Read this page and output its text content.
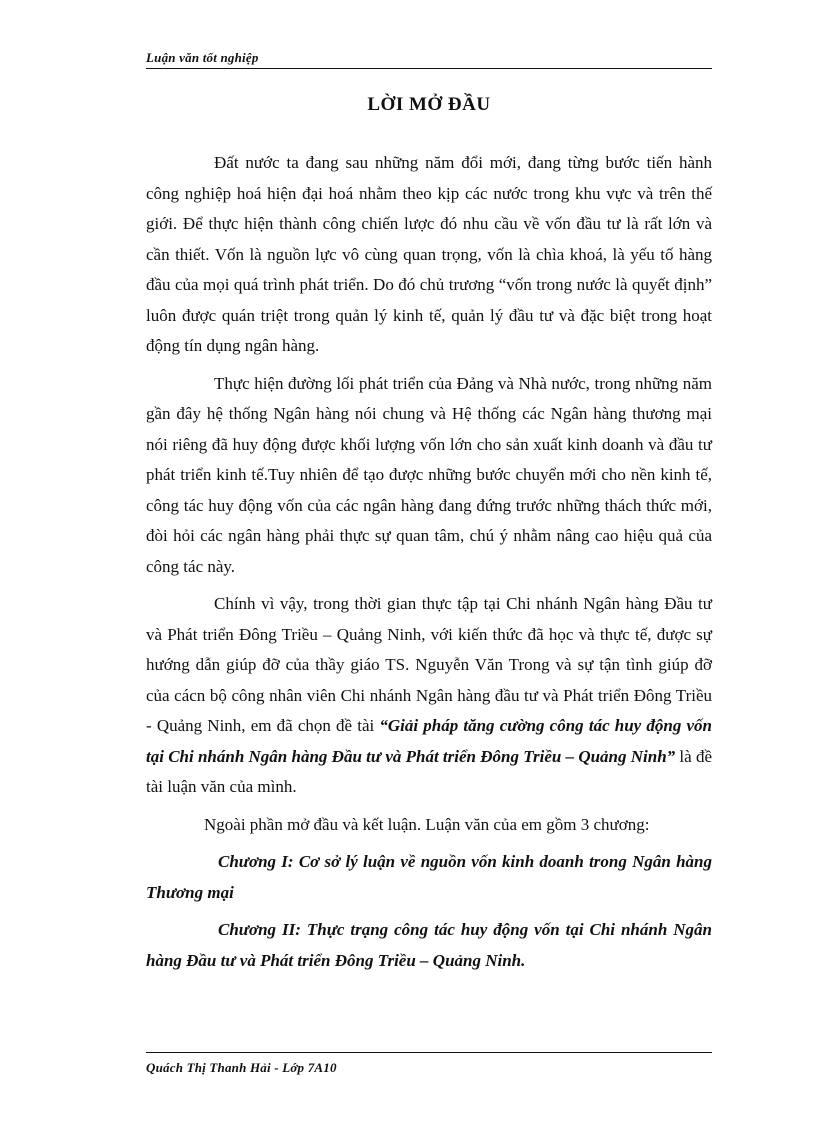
Luận văn tốt nghiệp
LỜI MỞ ĐẦU

Đất nước ta đang sau những năm đổi mới, đang từng bước tiến hành công nghiệp hoá hiện đại hoá nhằm theo kịp các nước trong khu vực và trên thế giới. Để thực hiện thành công chiến lược đó nhu cầu về vốn đầu tư là rất lớn và cần thiết. Vốn là nguồn lực vô cùng quan trọng, vốn là chìa khoá, là yếu tố hàng đầu của mọi quá trình phát triển. Do đó chủ trương “vốn trong nước là quyết định” luôn được quán triệt trong quản lý kinh tế, quản lý đầu tư và đặc biệt trong hoạt động tín dụng ngân hàng.

Thực hiện đường lối phát triển của Đảng và Nhà nước, trong những năm gần đây hệ thống Ngân hàng nói chung và Hệ thống các Ngân hàng thương mại nói riêng đã huy động được khối lượng vốn lớn cho sản xuất kinh doanh và đầu tư phát triển kinh tế.Tuy nhiên để tạo được những bước chuyển mới cho nền kinh tế, công tác huy động vốn của các ngân hàng đang đứng trước những thách thức mới, đòi hỏi các ngân hàng phải thực sự quan tâm, chú ý nhằm nâng cao hiệu quả của công tác này.

Chính vì vậy, trong thời gian thực tập tại Chi nhánh Ngân hàng Đầu tư và Phát triển Đông Triều – Quảng Ninh, với kiến thức đã học và thực tế, được sự hướng dẫn giúp đỡ của thầy giáo TS. Nguyễn Văn Trong và sự tận tình giúp đỡ của cácn bộ công nhân viên Chi nhánh Ngân hàng đầu tư và Phát triển Đông Triều - Quảng Ninh, em đã chọn đề tài “Giải pháp tăng cường công tác huy động vốn tại Chi nhánh Ngân hàng Đầu tư và Phát triển Đông Triều – Quảng Ninh” là đề tài luận văn của mình.

Ngoài phần mở đầu và kết luận. Luận văn của em gồm 3 chương:

Chương I: Cơ sở lý luận về nguồn vốn kinh doanh trong Ngân hàng Thương mại

Chương II: Thực trạng công tác huy động vốn tại Chi nhánh Ngân hàng Đầu tư và Phát triển Đông Triều – Quảng Ninh.

Quách Thị Thanh Hải - Lớp 7A10
